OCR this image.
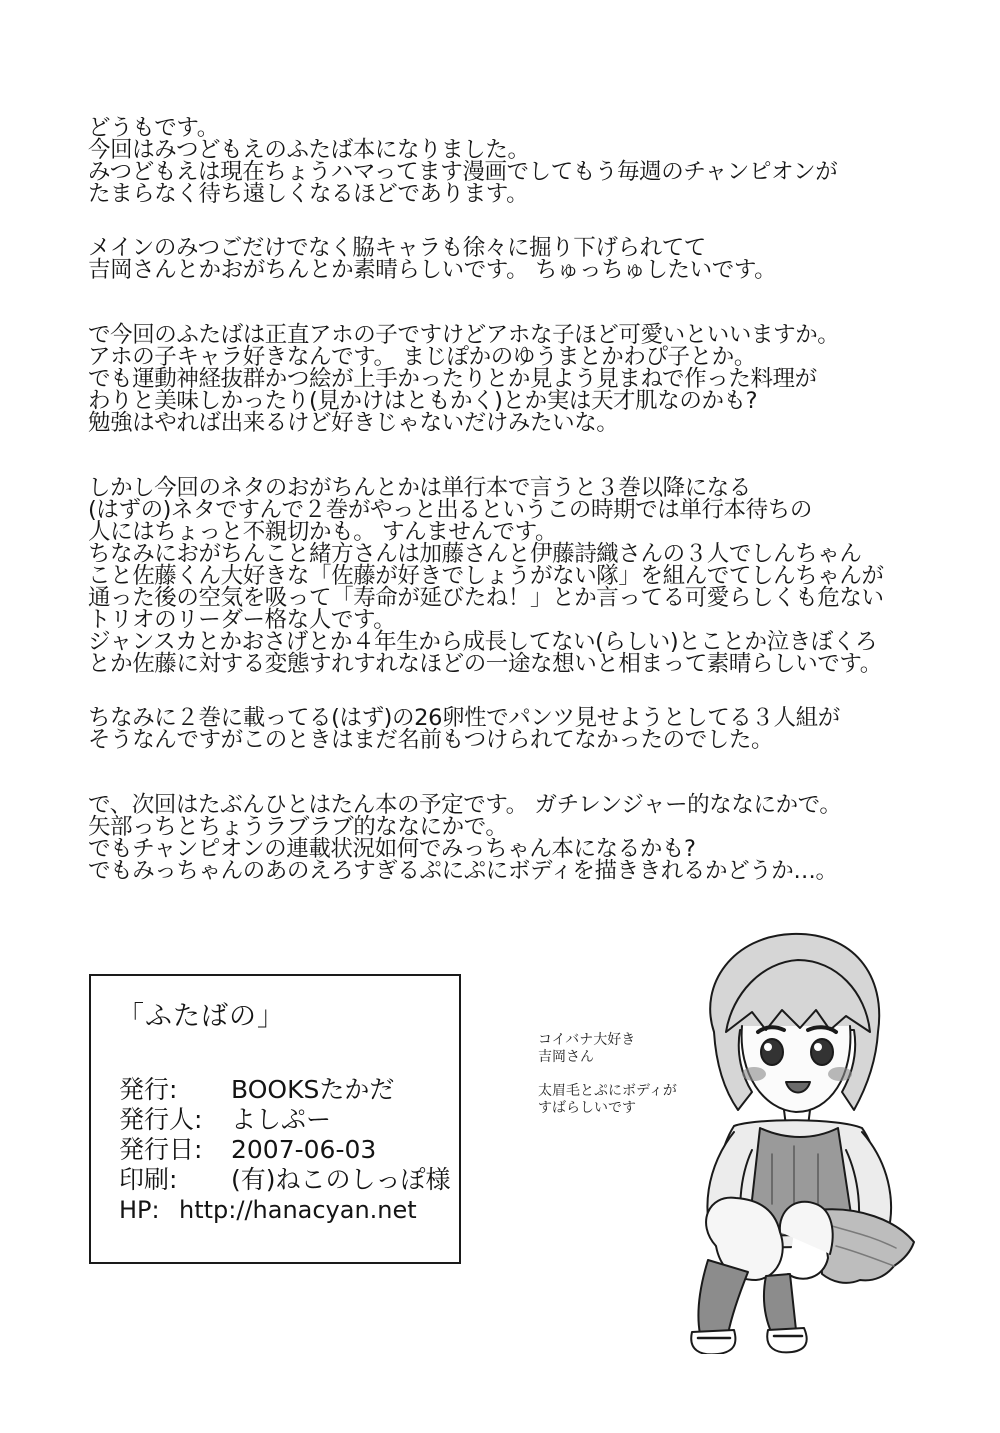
どうもです。
今回はみつどもえのふたば本になりました。
みつどもえは現在ちょうハマってます漫画でしてもう毎週のチャンピオンが
たまらなく待ち遠しくなるほどであります。
メインのみつごだけでなく脇キャラも徐々に掘り下げられてて
吉岡さんとかおがちんとか素晴らしいです。 ちゅっちゅしたいです。
で今回のふたばは正直アホの子ですけどアホな子ほど可愛いといいますか。
アホの子キャラ好きなんです。 まじぽかのゆうまとかわぴ子とか。
でも運動神経抜群かつ絵が上手かったりとか見よう見まねで作った料理が
わりと美味しかったり(見かけはともかく)とか実は天才肌なのかも?
勉強はやれば出来るけど好きじゃないだけみたいな。
しかし今回のネタのおがちんとかは単行本で言うと３巻以降になる
(はずの)ネタですんで２巻がやっと出るというこの時期では単行本待ちの
人にはちょっと不親切かも。 すんませんです。
ちなみにおがちんこと緒方さんは加藤さんと伊藤詩織さんの３人でしんちゃん
こと佐藤くん大好きな「佐藤が好きでしょうがない隊」を組んでてしんちゃんが
通った後の空気を吸って「寿命が延びたね！」とか言ってる可愛らしくも危ない
トリオのリーダー格な人です。
ジャンスカとかおさげとか４年生から成長してない(らしい)とことか泣きぼくろ
とか佐藤に対する変態すれすれなほどの一途な想いと相まって素晴らしいです。
ちなみに２巻に載ってる(はず)の26卵性でパンツ見せようとしてる３人組が
そうなんですがこのときはまだ名前もつけられてなかったのでした。
で、次回はたぶんひとはたん本の予定です。 ガチレンジャー的ななにかで。
矢部っちとちょうラブラブ的ななにかで。
でもチャンピオンの連載状況如何でみっちゃん本になるかも?
でもみっちゃんのあのえろすぎるぷにぷにボディを描ききれるかどうか…。
「ふたばの」
発行: BOOKSたかだ
発行人: よしぷー
発行日: 2007-06-03
印刷: (有)ねこのしっぽ様
HP: http://hanacyan.net
コイバナ大好き
吉岡さん
太眉毛とぷにボディが
すばらしいです
